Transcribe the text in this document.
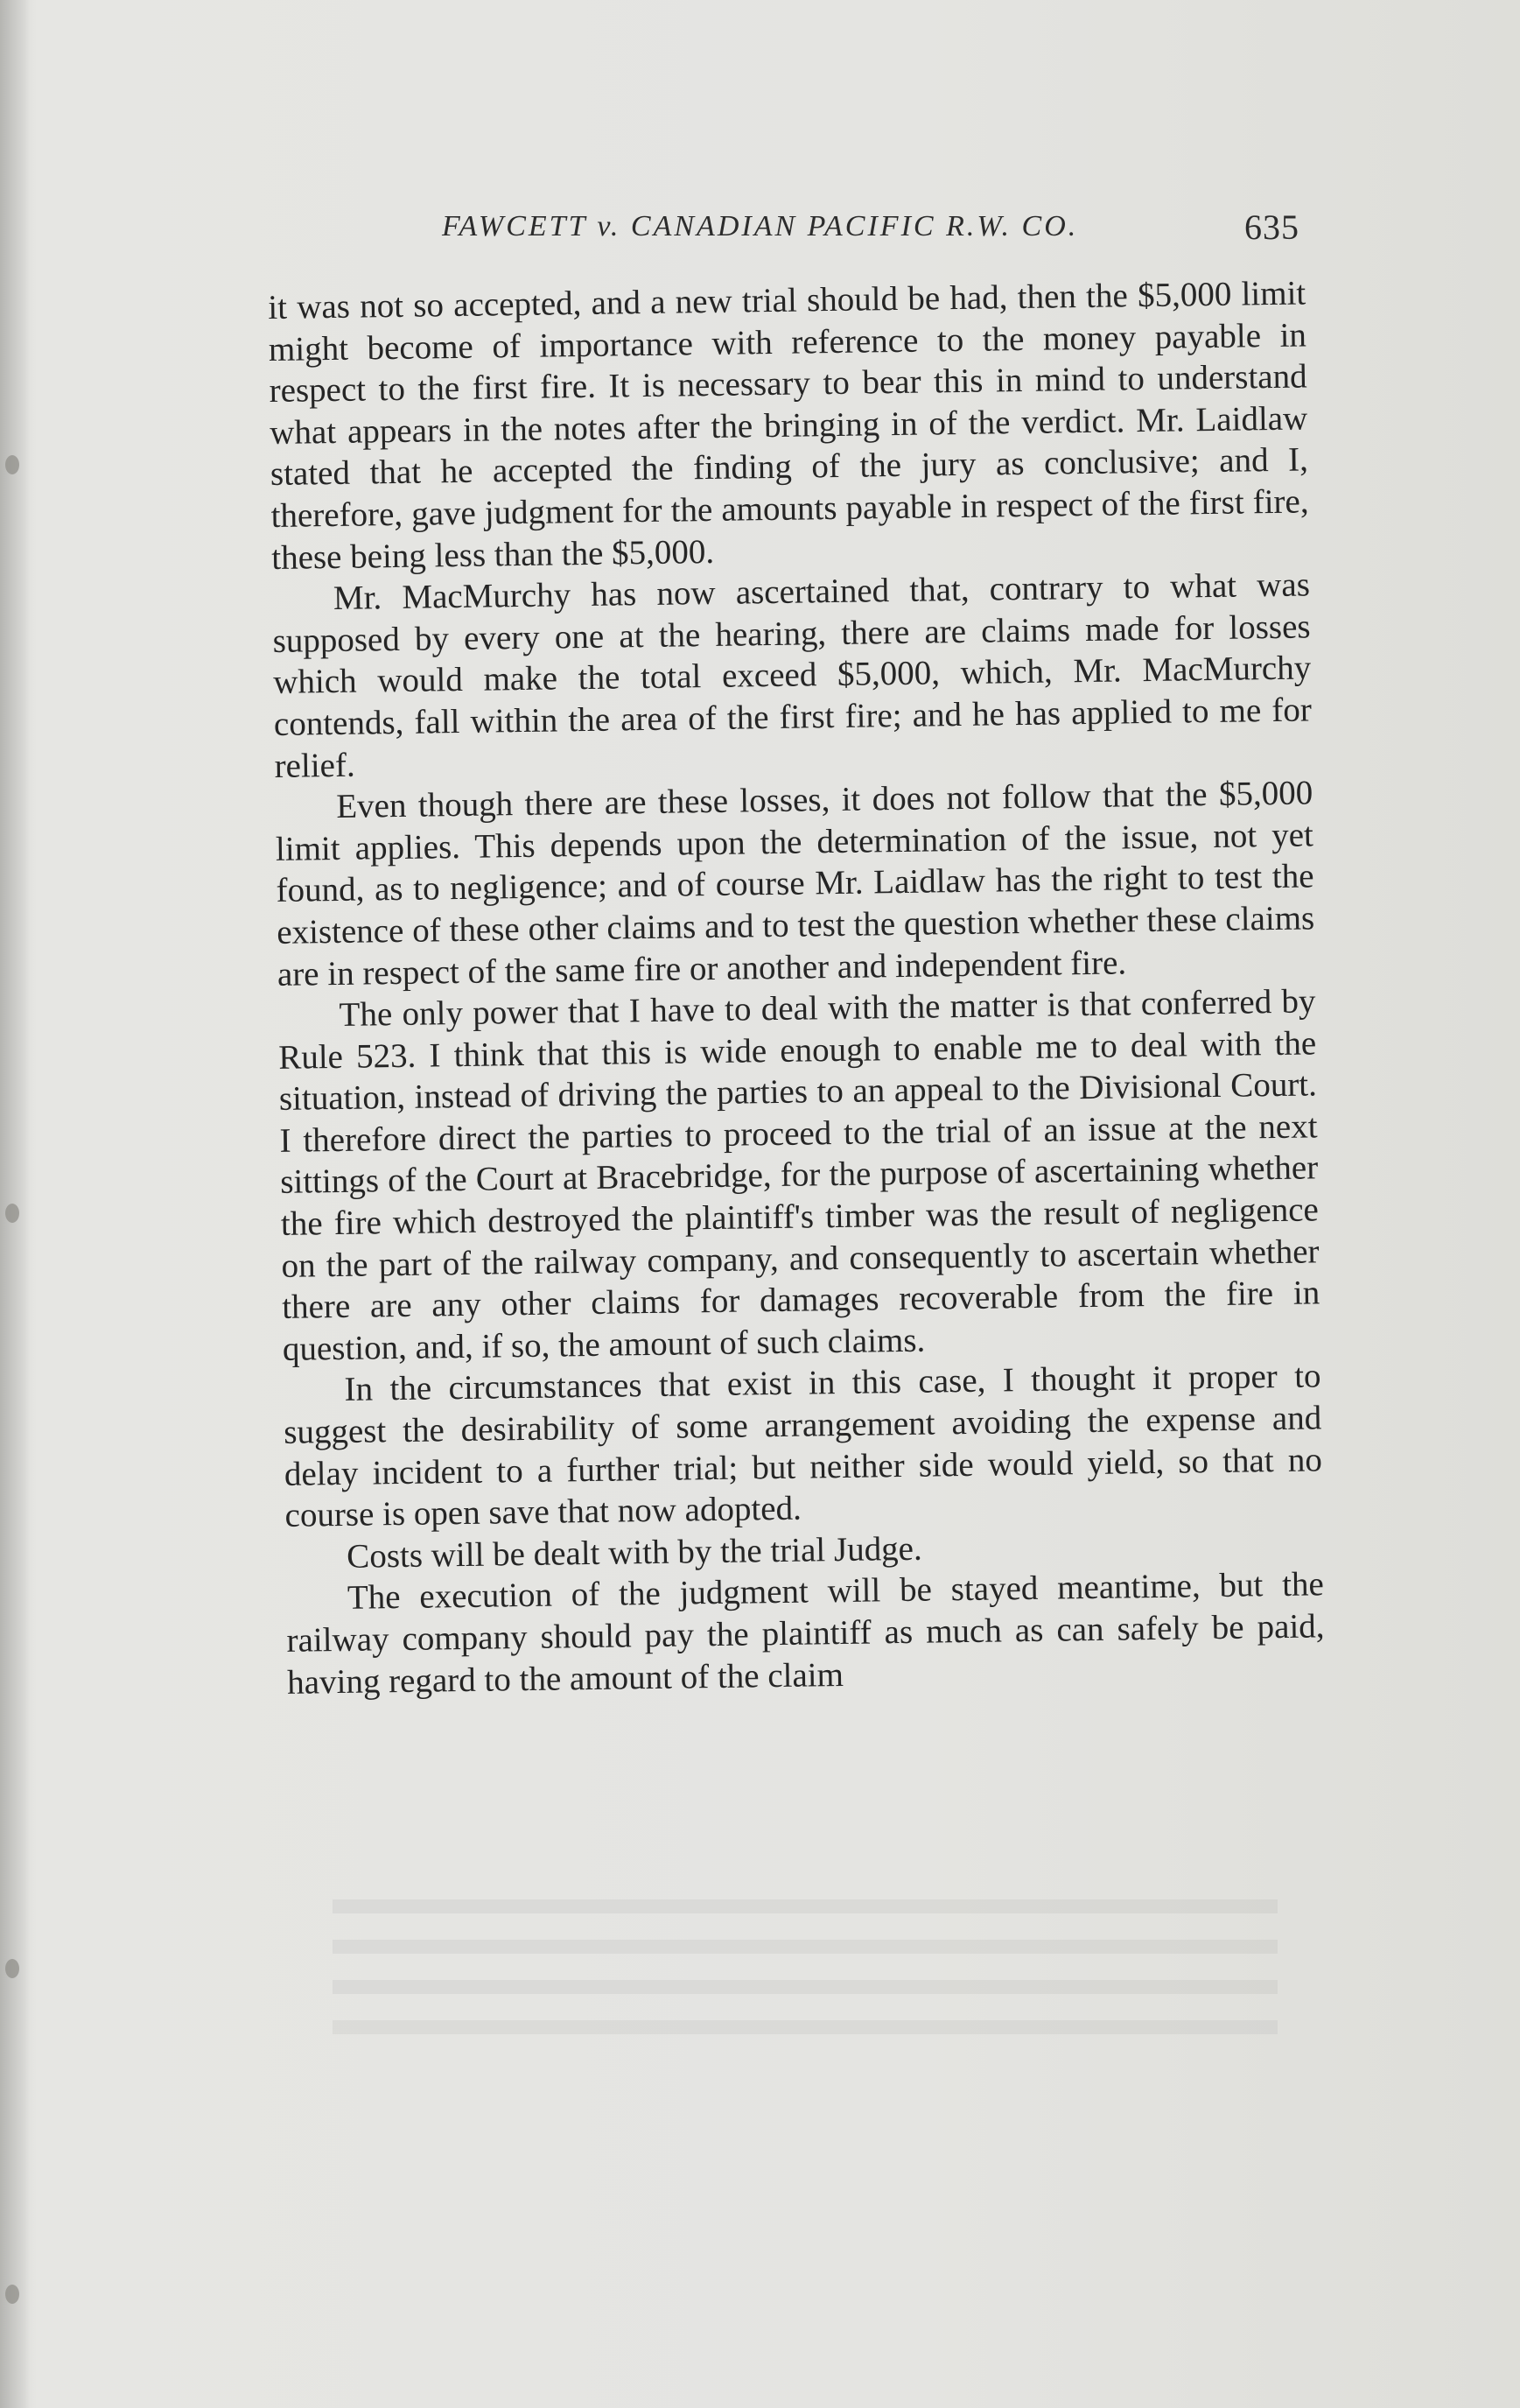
FAWCETT v. CANADIAN PACIFIC R.W. CO.	635

it was not so accepted, and a new trial should be had, then the $5,000 limit might become of importance with reference to the money payable in respect to the first fire. It is necessary to bear this in mind to understand what appears in the notes after the bringing in of the verdict. Mr. Laidlaw stated that he accepted the finding of the jury as conclusive; and I, therefore, gave judgment for the amounts payable in respect of the first fire, these being less than the $5,000.

Mr. MacMurchy has now ascertained that, contrary to what was supposed by every one at the hearing, there are claims made for losses which would make the total exceed $5,000, which, Mr. MacMurchy contends, fall within the area of the first fire; and he has applied to me for relief.

Even though there are these losses, it does not follow that the $5,000 limit applies. This depends upon the determination of the issue, not yet found, as to negligence; and of course Mr. Laidlaw has the right to test the existence of these other claims and to test the question whether these claims are in respect of the same fire or another and independent fire.

The only power that I have to deal with the matter is that conferred by Rule 523. I think that this is wide enough to enable me to deal with the situation, instead of driving the parties to an appeal to the Divisional Court. I therefore direct the parties to proceed to the trial of an issue at the next sittings of the Court at Bracebridge, for the purpose of ascertaining whether the fire which destroyed the plaintiff's timber was the result of negligence on the part of the railway company, and consequently to ascertain whether there are any other claims for damages recoverable from the fire in question, and, if so, the amount of such claims.

In the circumstances that exist in this case, I thought it proper to suggest the desirability of some arrangement avoiding the expense and delay incident to a further trial; but neither side would yield, so that no course is open save that now adopted.

Costs will be dealt with by the trial Judge.

The execution of the judgment will be stayed meantime, but the railway company should pay the plaintiff as much as can safely be paid, having regard to the amount of the claim
